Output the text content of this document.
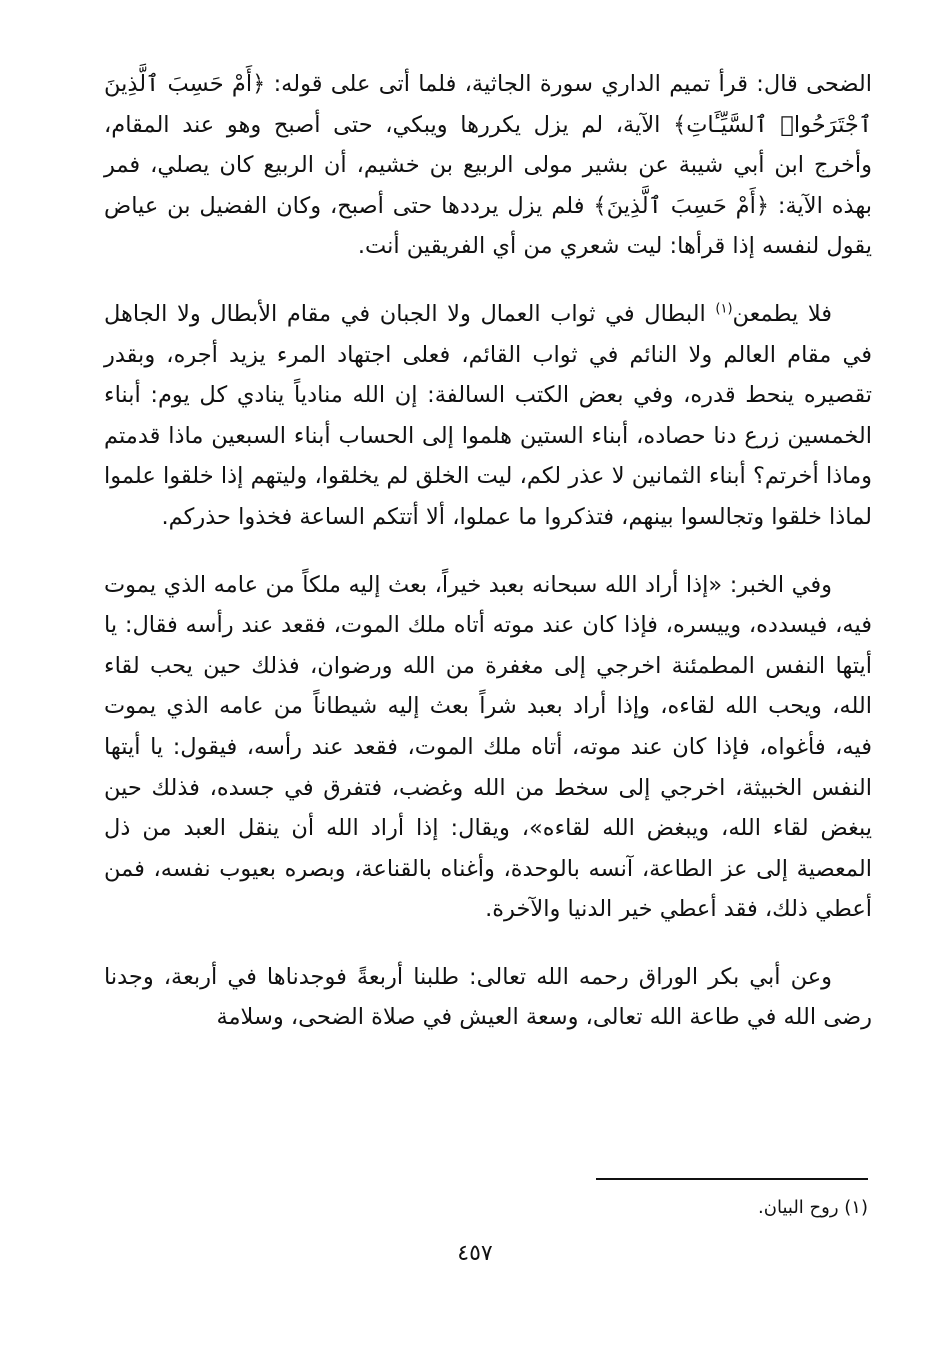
الضحى قال: قرأ تميم الداري سورة الجاثية، فلما أتى على قوله: ﴿أَمْ حَسِبَ ٱلَّذِينَ ٱجْتَرَحُوا۟ ٱلسَّيِّـَٔاتِ﴾ الآية، لم يزل يكررها ويبكي، حتى أصبح وهو عند المقام، وأخرج ابن أبي شيبة عن بشير مولى الربيع بن خشيم، أن الربيع كان يصلي، فمر بهذه الآية: ﴿أَمْ حَسِبَ ٱلَّذِينَ﴾ فلم يزل يرددها حتى أصبح، وكان الفضيل بن عياض يقول لنفسه إذا قرأها: ليت شعري من أي الفريقين أنت.

فلا يطمعن$^{(١)}$ البطال في ثواب العمال ولا الجبان في مقام الأبطال ولا الجاهل في مقام العالم ولا النائم في ثواب القائم، فعلى اجتهاد المرء يزيد أجره، وبقدر تقصيره ينحط قدره، وفي بعض الكتب السالفة: إن الله منادياً ينادي كل يوم: أبناء الخمسين زرع دنا حصاده، أبناء الستين هلموا إلى الحساب أبناء السبعين ماذا قدمتم وماذا أخرتم؟ أبناء الثمانين لا عذر لكم، ليت الخلق لم يخلقوا، وليتهم إذا خلقوا علموا لماذا خلقوا وتجالسوا بينهم، فتذكروا ما عملوا، ألا أتتكم الساعة فخذوا حذركم.

وفي الخبر: «إذا أراد الله سبحانه بعبد خيراً، بعث إليه ملكاً من عامه الذي يموت فيه، فيسدده، وييسره، فإذا كان عند موته أتاه ملك الموت، فقعد عند رأسه فقال: يا أيتها النفس المطمئنة اخرجي إلى مغفرة من الله ورضوان، فذلك حين يحب لقاء الله، ويحب الله لقاءه، وإذا أراد بعبد شراً بعث إليه شيطاناً من عامه الذي يموت فيه، فأغواه، فإذا كان عند موته، أتاه ملك الموت، فقعد عند رأسه، فيقول: يا أيتها النفس الخبيثة، اخرجي إلى سخط من الله وغضب، فتفرق في جسده، فذلك حين يبغض لقاء الله، ويبغض الله لقاءه»، ويقال: إذا أراد الله أن ينقل العبد من ذل المعصية إلى عز الطاعة، آنسه بالوحدة، وأغناه بالقناعة، وبصره بعيوب نفسه، فمن أعطي ذلك، فقد أعطي خير الدنيا والآخرة.

وعن أبي بكر الوراق رحمه الله تعالى: طلبنا أربعةً فوجدناها في أربعة، وجدنا رضى الله في طاعة الله تعالى، وسعة العيش في صلاة الضحى، وسلامة

(١) روح البيان.
٤٥٧
